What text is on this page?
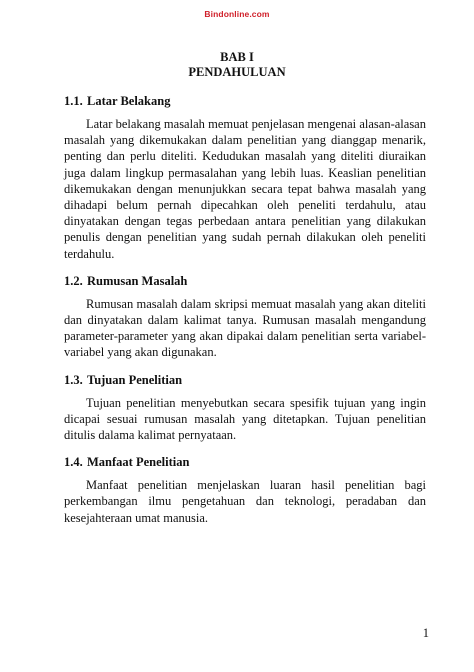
Bindonline.com
BAB I
PENDAHULUAN
1.1. Latar Belakang

Latar belakang masalah memuat penjelasan mengenai alasan-alasan masalah yang dikemukakan dalam penelitian yang dianggap menarik, penting dan perlu diteliti. Kedudukan masalah yang diteliti diuraikan juga dalam lingkup permasalahan yang lebih luas. Keaslian penelitian dikemukakan dengan menunjukkan secara tepat bahwa masalah yang dihadapi belum pernah dipecahkan oleh peneliti terdahulu, atau dinyatakan dengan tegas perbedaan antara penelitian yang dilakukan penulis dengan penelitian yang sudah pernah dilakukan oleh peneliti terdahulu.

1.2. Rumusan Masalah

Rumusan masalah dalam skripsi memuat masalah yang akan diteliti dan dinyatakan dalam kalimat tanya. Rumusan masalah mengandung parameter-parameter yang akan dipakai dalam penelitian serta variabel-variabel yang akan digunakan.

1.3. Tujuan Penelitian

Tujuan penelitian menyebutkan secara spesifik tujuan yang ingin dicapai sesuai rumusan masalah yang ditetapkan. Tujuan penelitian ditulis dalama kalimat pernyataan.

1.4. Manfaat Penelitian

Manfaat penelitian menjelaskan luaran hasil penelitian bagi perkembangan ilmu pengetahuan dan teknologi, peradaban dan kesejahteraan umat manusia.

1
